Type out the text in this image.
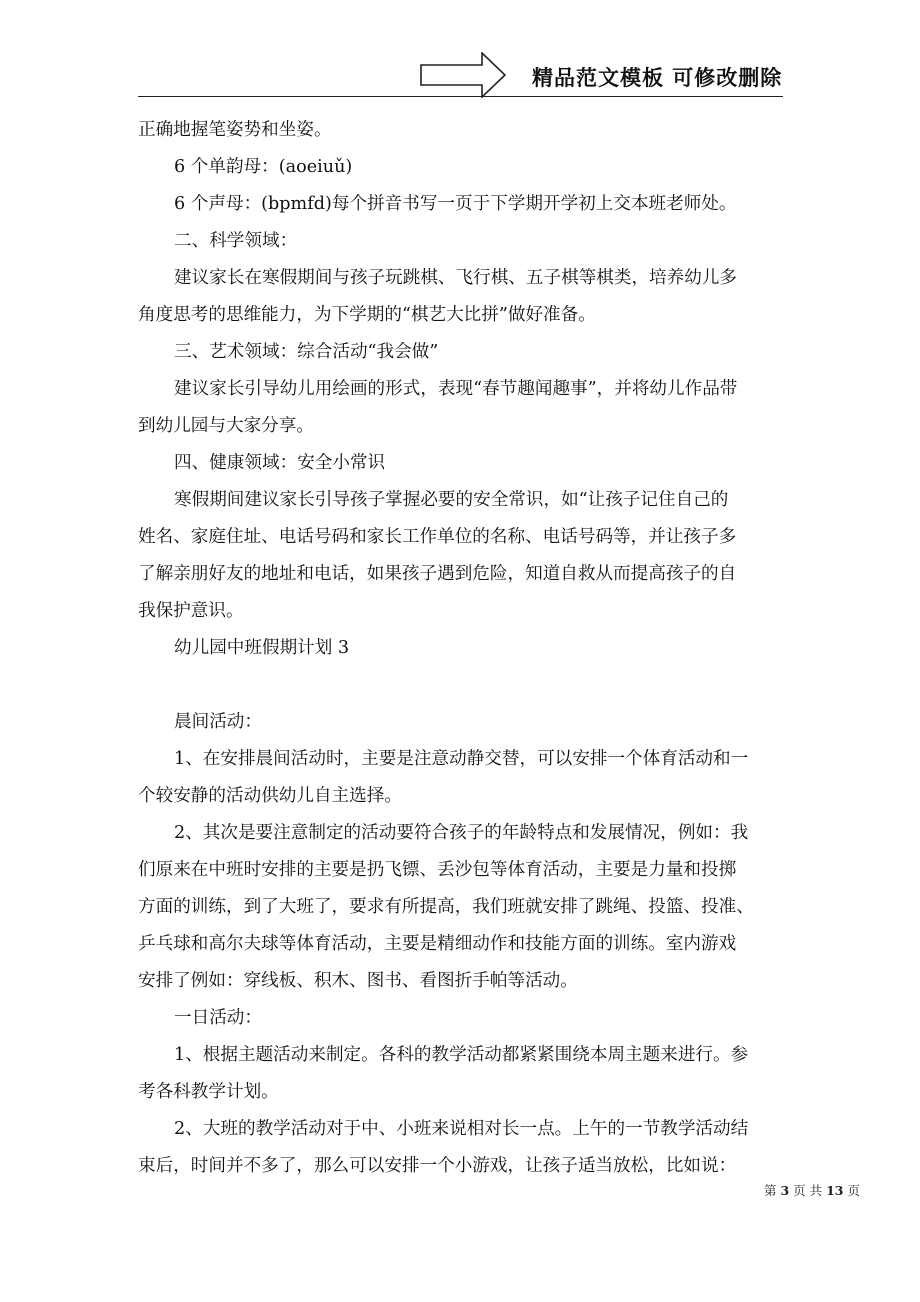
精品范文模板 可修改删除
正确地握笔姿势和坐姿。
6 个单韵母：(aoeiuǔ)
6 个声母：(bpmfd)每个拼音书写一页于下学期开学初上交本班老师处。
二、科学领域：
建议家长在寒假期间与孩子玩跳棋、飞行棋、五子棋等棋类，培养幼儿多
角度思考的思维能力，为下学期的“棋艺大比拼”做好准备。
三、艺术领域：综合活动“我会做”
建议家长引导幼儿用绘画的形式，表现“春节趣闻趣事”，并将幼儿作品带
到幼儿园与大家分享。
四、健康领域：安全小常识
寒假期间建议家长引导孩子掌握必要的安全常识，如“让孩子记住自己的
姓名、家庭住址、电话号码和家长工作单位的名称、电话号码等，并让孩子多
了解亲朋好友的地址和电话，如果孩子遇到危险，知道自救从而提高孩子的自
我保护意识。
幼儿园中班假期计划 3
晨间活动：
1、在安排晨间活动时，主要是注意动静交替，可以安排一个体育活动和一
个较安静的活动供幼儿自主选择。
2、其次是要注意制定的活动要符合孩子的年龄特点和发展情况，例如：我
们原来在中班时安排的主要是扔飞镖、丢沙包等体育活动，主要是力量和投掷
方面的训练，到了大班了，要求有所提高，我们班就安排了跳绳、投篮、投准、
乒乓球和高尔夫球等体育活动，主要是精细动作和技能方面的训练。室内游戏
安排了例如：穿线板、积木、图书、看图折手帕等活动。
一日活动：
1、根据主题活动来制定。各科的教学活动都紧紧围绕本周主题来进行。参
考各科教学计划。
2、大班的教学活动对于中、小班来说相对长一点。上午的一节教学活动结
束后，时间并不多了，那么可以安排一个小游戏，让孩子适当放松，比如说：
第 3 页 共 13 页
